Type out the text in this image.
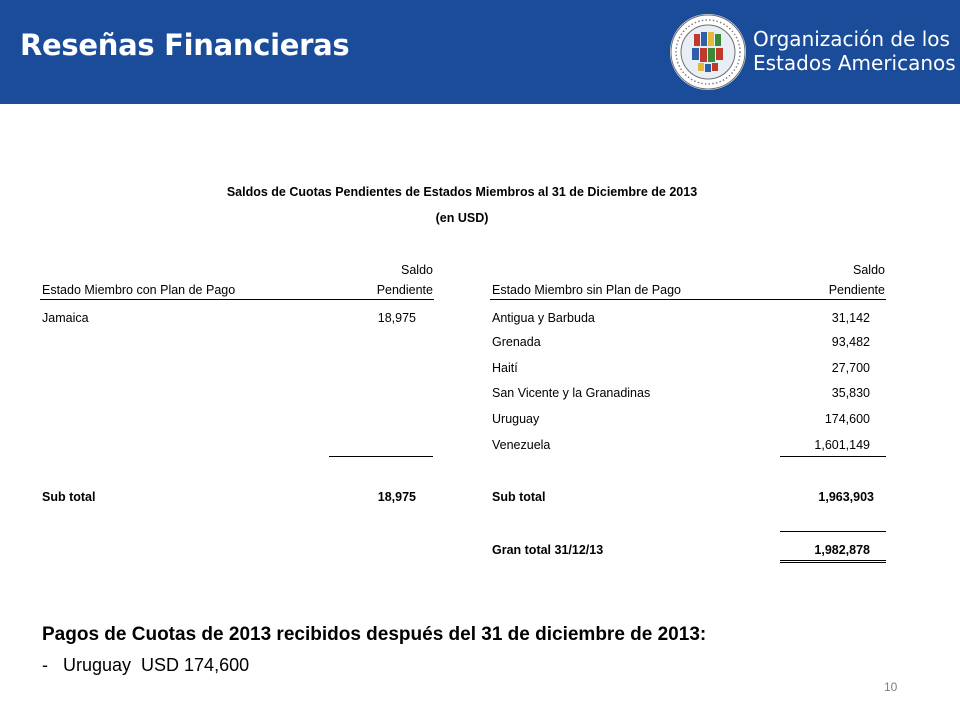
Reseñas Financieras	Organización de los
Estados Americanos
Saldos de Cuotas Pendientes de Estados Miembros al 31 de Diciembre de 2013
(en USD)
Estado Miembro con Plan de Pago
Saldo
Pendiente
Jamaica	18,975
Sub total	18,975
Estado Miembro sin Plan de Pago
Saldo
Pendiente
Antigua y Barbuda	31,142
Grenada	93,482
Haití	27,700
San Vicente y la Granadinas	35,830
Uruguay	174,600
Venezuela	1,601,149
Sub total	1,963,903
Gran total 31/12/13	1,982,878
Pagos de Cuotas de 2013 recibidos después del 31 de diciembre de 2013:
-   Uruguay  USD 174,600
10
